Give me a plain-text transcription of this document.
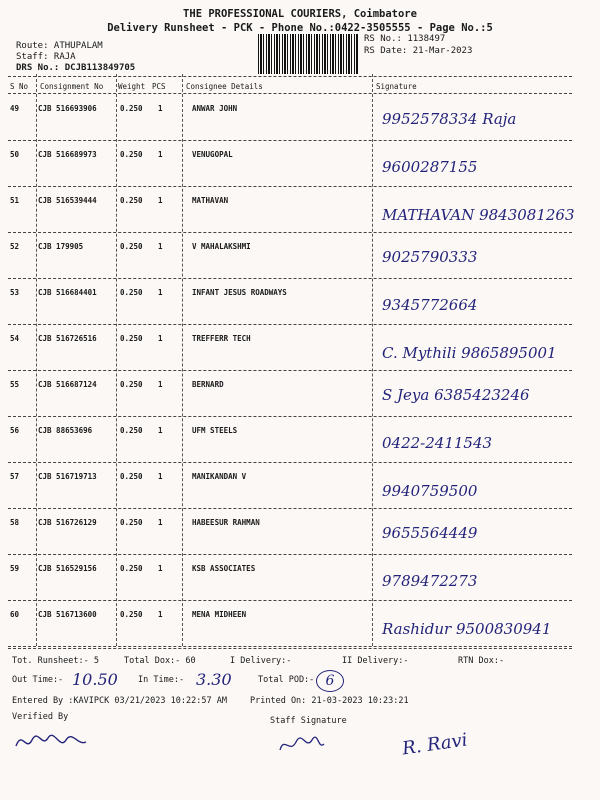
THE PROFESSIONAL COURIERS, Coimbatore
Delivery Runsheet - PCK - Phone No.:0422-3505555 - Page No.:5
Route: ATHUPALAM
Staff: RAJA
DRS No.: DCJB113849705
RS No.: 1138497
RS Date: 21-Mar-2023
S No Consignment No Weight PCS	Consignee Details	Signature
49	CJB 516693906	0.250 1	ANWAR JOHN
9952578334 Raja
50	CJB 516689973	0.250 1	VENUGOPAL
9600287155
51	CJB 516539444	0.250 1	MATHAVAN
MATHAVAN 9843081263
52	CJB 179905	0.250 1	V MAHALAKSHMI
9025790333
53	CJB 516684401	0.250 1	INFANT JESUS ROADWAYS
9345772664
54	CJB 516726516	0.250 1	TREFFERR TECH
C. Mythili 9865895001
55	CJB 516687124	0.250 1	BERNARD
S Jeya 6385423246
56	CJB 88653696	0.250 1	UFM STEELS
0422-2411543
57	CJB 516719713	0.250 1	MANIKANDAN V
9940759500
58	CJB 516726129	0.250 1	HABEESUR RAHMAN
9655564449
59	CJB 516529156	0.250 1	KSB ASSOCIATES
9789472273
60	CJB 516713600	0.250 1	MENA MIDHEEN
Rashidur 9500830941
Tot. Runsheet:- 5	Total Dox:- 60	I Delivery:-	II Delivery:-	RTN Dox:-
Out Time:- 10.50 In Time:- 3.30	Total POD:- 6
Entered By :KAVIPCK 03/21/2023 10:22:57 AM	Printed On: 21-03-2023 10:23:21
Verified By	Staff Signature
R. Ravi
